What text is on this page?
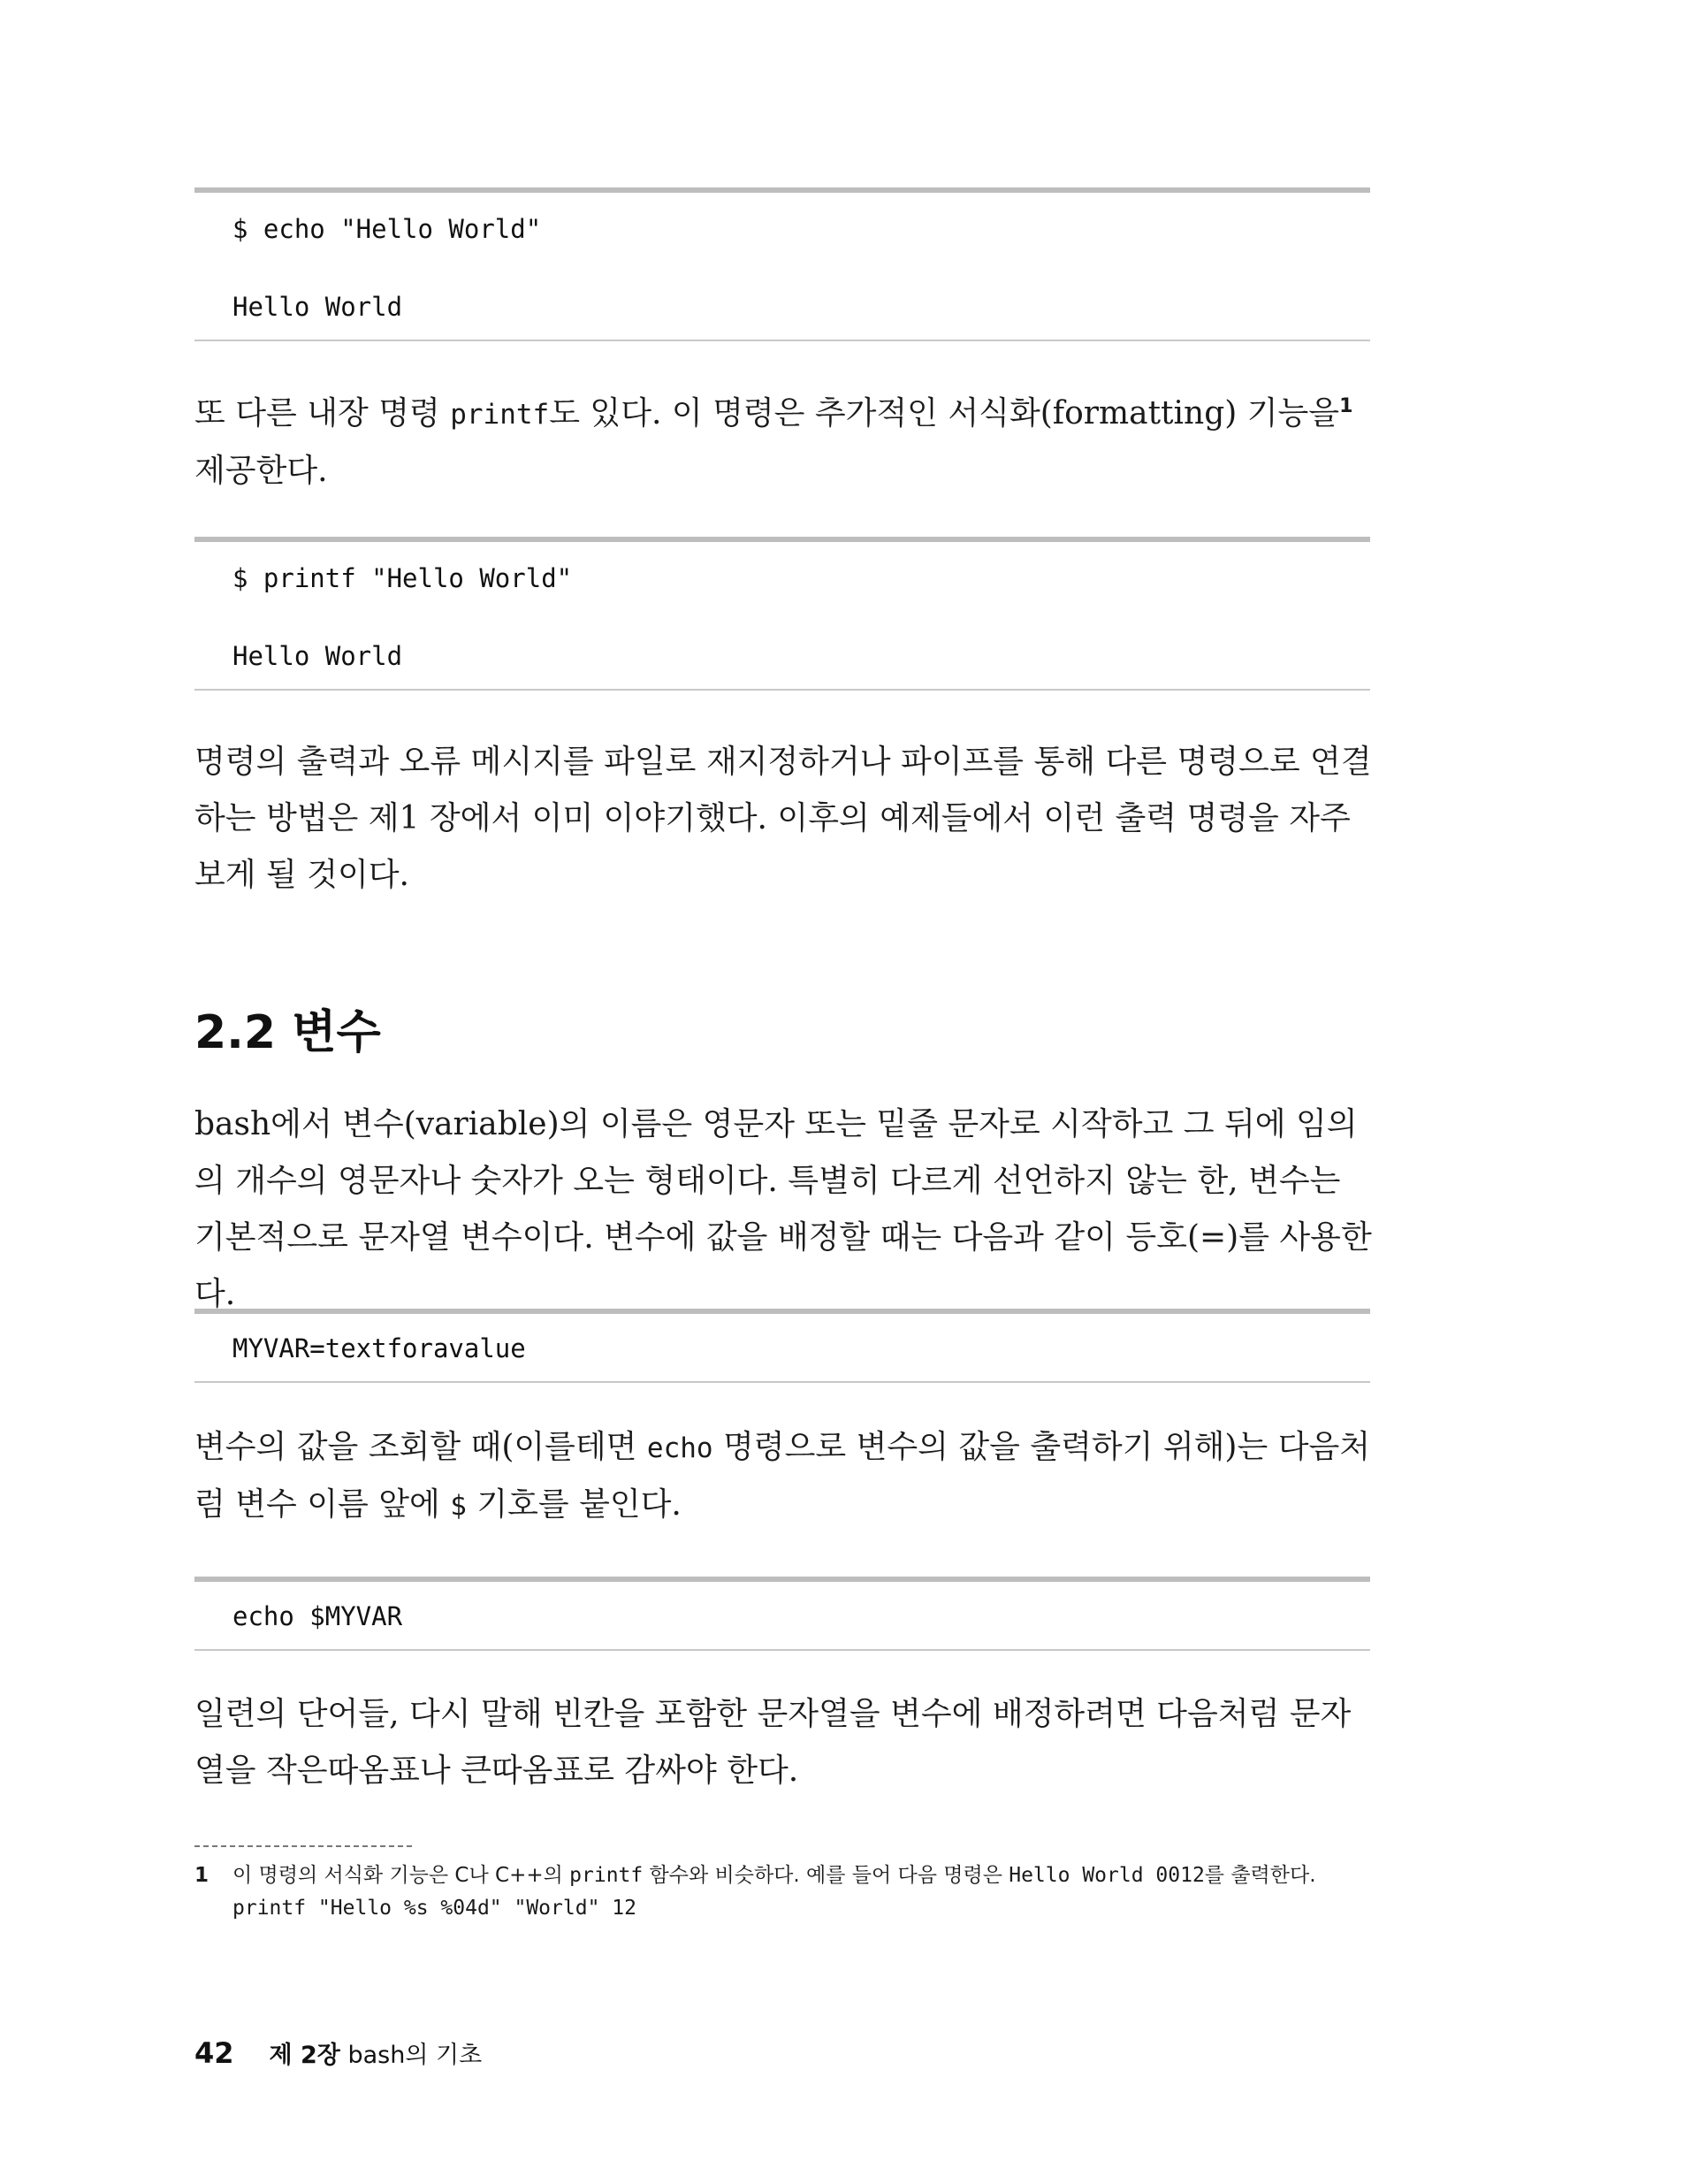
$ echo "Hello World"
Hello World

또 다른 내장 명령 printf도 있다. 이 명령은 추가적인 서식화(formatting) 기능을$^1$ 제공한다.

$ printf "Hello World"
Hello World

명령의 출력과 오류 메시지를 파일로 재지정하거나 파이프를 통해 다른 명령으로 연결하는 방법은 제1 장에서 이미 이야기했다. 이후의 예제들에서 이런 출력 명령을 자주 보게 될 것이다.

2.2 변수

bash에서 변수(variable)의 이름은 영문자 또는 밑줄 문자로 시작하고 그 뒤에 임의의 개수의 영문자나 숫자가 오는 형태이다. 특별히 다르게 선언하지 않는 한, 변수는 기본적으로 문자열 변수이다. 변수에 값을 배정할 때는 다음과 같이 등호(=)를 사용한다.

MYVAR=textforavalue

변수의 값을 조회할 때(이를테면 echo 명령으로 변수의 값을 출력하기 위해)는 다음처럼 변수 이름 앞에 $ 기호를 붙인다.

echo $MYVAR

일련의 단어들, 다시 말해 빈칸을 포함한 문자열을 변수에 배정하려면 다음처럼 문자열을 작은따옴표나 큰따옴표로 감싸야 한다.

1 이 명령의 서식화 기능은 C나 C++의 printf 함수와 비슷하다. 예를 들어 다음 명령은 Hello World 0012를 출력한다.
printf "Hello %s %04d" "World" 12
42 제 2장 bash의 기초
